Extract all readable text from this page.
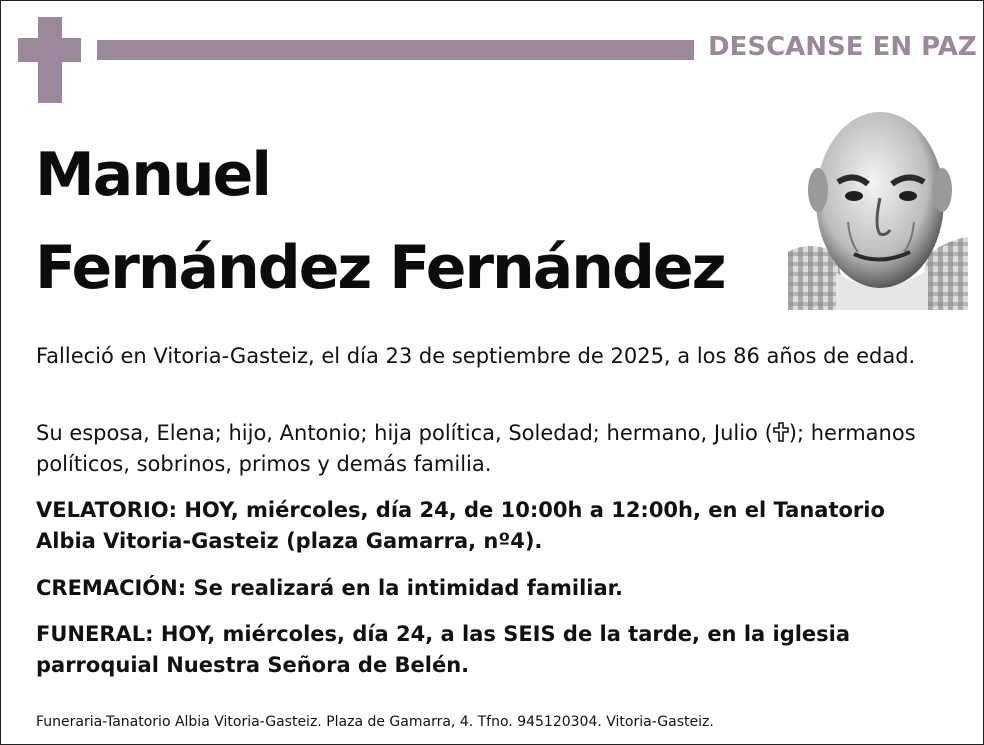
DESCANSE EN PAZ
Manuel
Fernández Fernández
Falleció en Vitoria-Gasteiz, el día 23 de septiembre de 2025, a los 86 años de edad.
Su esposa, Elena; hijo, Antonio; hija política, Soledad; hermano, Julio ( ); hermanos políticos, sobrinos, primos y demás familia.
VELATORIO: HOY, miércoles, día 24, de 10:00h a 12:00h, en el Tanatorio Albia Vitoria-Gasteiz (plaza Gamarra, nº4).
CREMACIÓN: Se realizará en la intimidad familiar.
FUNERAL: HOY, miércoles, día 24, a las SEIS de la tarde, en la iglesia parroquial Nuestra Señora de Belén.
Funeraria-Tanatorio Albia Vitoria-Gasteiz. Plaza de Gamarra, 4. Tfno. 945120304. Vitoria-Gasteiz.
